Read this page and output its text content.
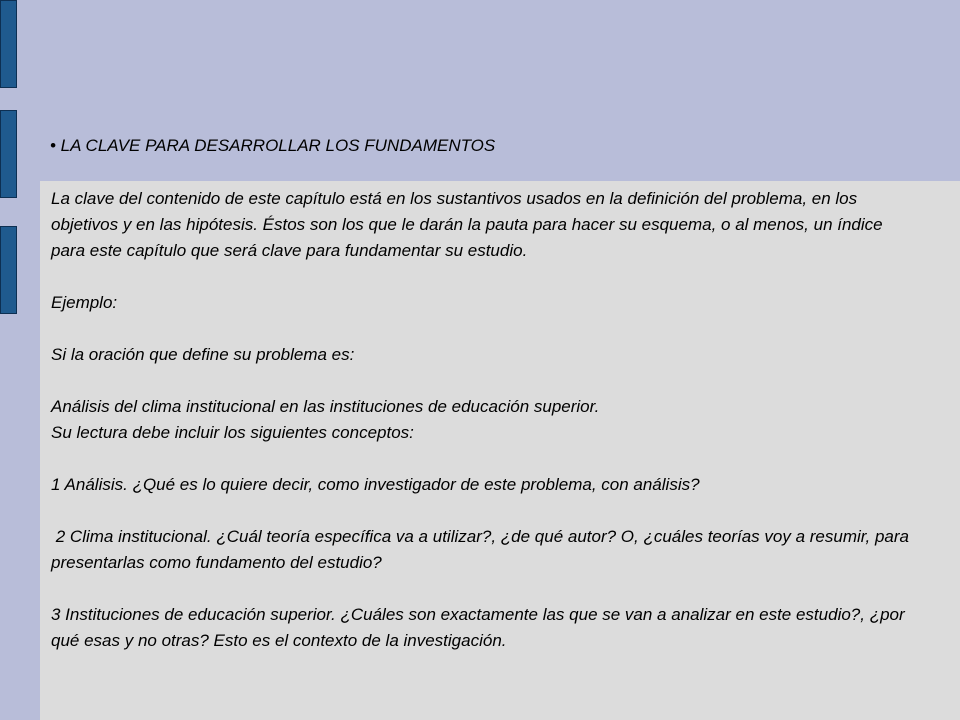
• LA CLAVE PARA DESARROLLAR LOS FUNDAMENTOS

La clave del contenido de este capítulo está en los sustantivos usados en la definición del problema, en los objetivos y en las hipótesis. Éstos son los que le darán la pauta para hacer su esquema, o al menos, un índice para este capítulo que será clave para fundamentar su estudio.

Ejemplo:

Si la oración que define su problema es:

Análisis del clima institucional en las instituciones de educación superior.

Su lectura debe incluir los siguientes conceptos:

1 Análisis. ¿Qué es lo quiere decir, como investigador de este problema, con análisis?

2 Clima institucional. ¿Cuál teoría específica va a utilizar?, ¿de qué autor? O, ¿cuáles teorías voy a resumir, para presentarlas como fundamento del estudio?

3 Instituciones de educación superior. ¿Cuáles son exactamente las que se van a analizar en este estudio?, ¿por qué esas y no otras? Esto es el contexto de la investigación.
